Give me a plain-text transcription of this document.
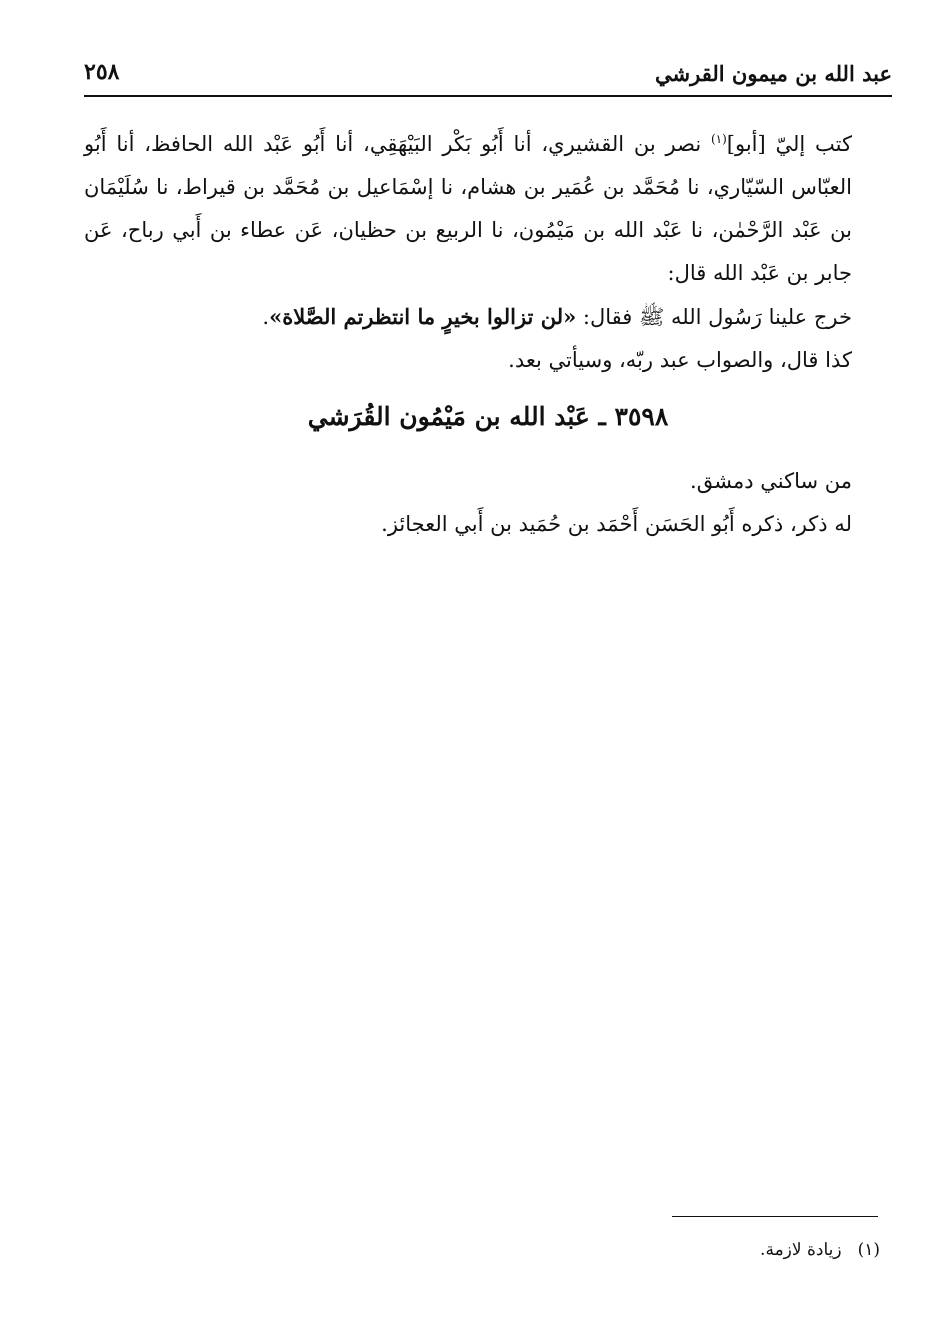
عبد الله بن ميمون القرشي
٢٥٨

كتب إليّ [أبو]$^{(١)}$ نصر بن القشيري، أنا أَبُو بَكْر البَيْهَقِي، أنا أَبُو عَبْد الله الحافظ، أنا أَبُو العبّاس السّيّاري، نا مُحَمَّد بن عُمَير بن هشام، نا إسْمَاعيل بن مُحَمَّد بن قيراط، نا سُلَيْمَان بن عَبْد الرَّحْمٰن، نا عَبْد الله بن مَيْمُون، نا الربيع بن حظيان، عَن عطاء بن أَبي رباح، عَن جابر بن عَبْد الله قال:

خرج علينا رَسُول الله ﷺ فقال: «لن تزالوا بخيرٍ ما انتظرتم الصَّلاة».

كذا قال، والصواب عبد ربّه، وسيأتي بعد.

٣٥٩٨ ـ عَبْد الله بن مَيْمُون القُرَشي

من ساكني دمشق.

له ذكر، ذكره أَبُو الحَسَن أَحْمَد بن حُمَيد بن أَبي العجائز.

(١)زيادة لازمة.
